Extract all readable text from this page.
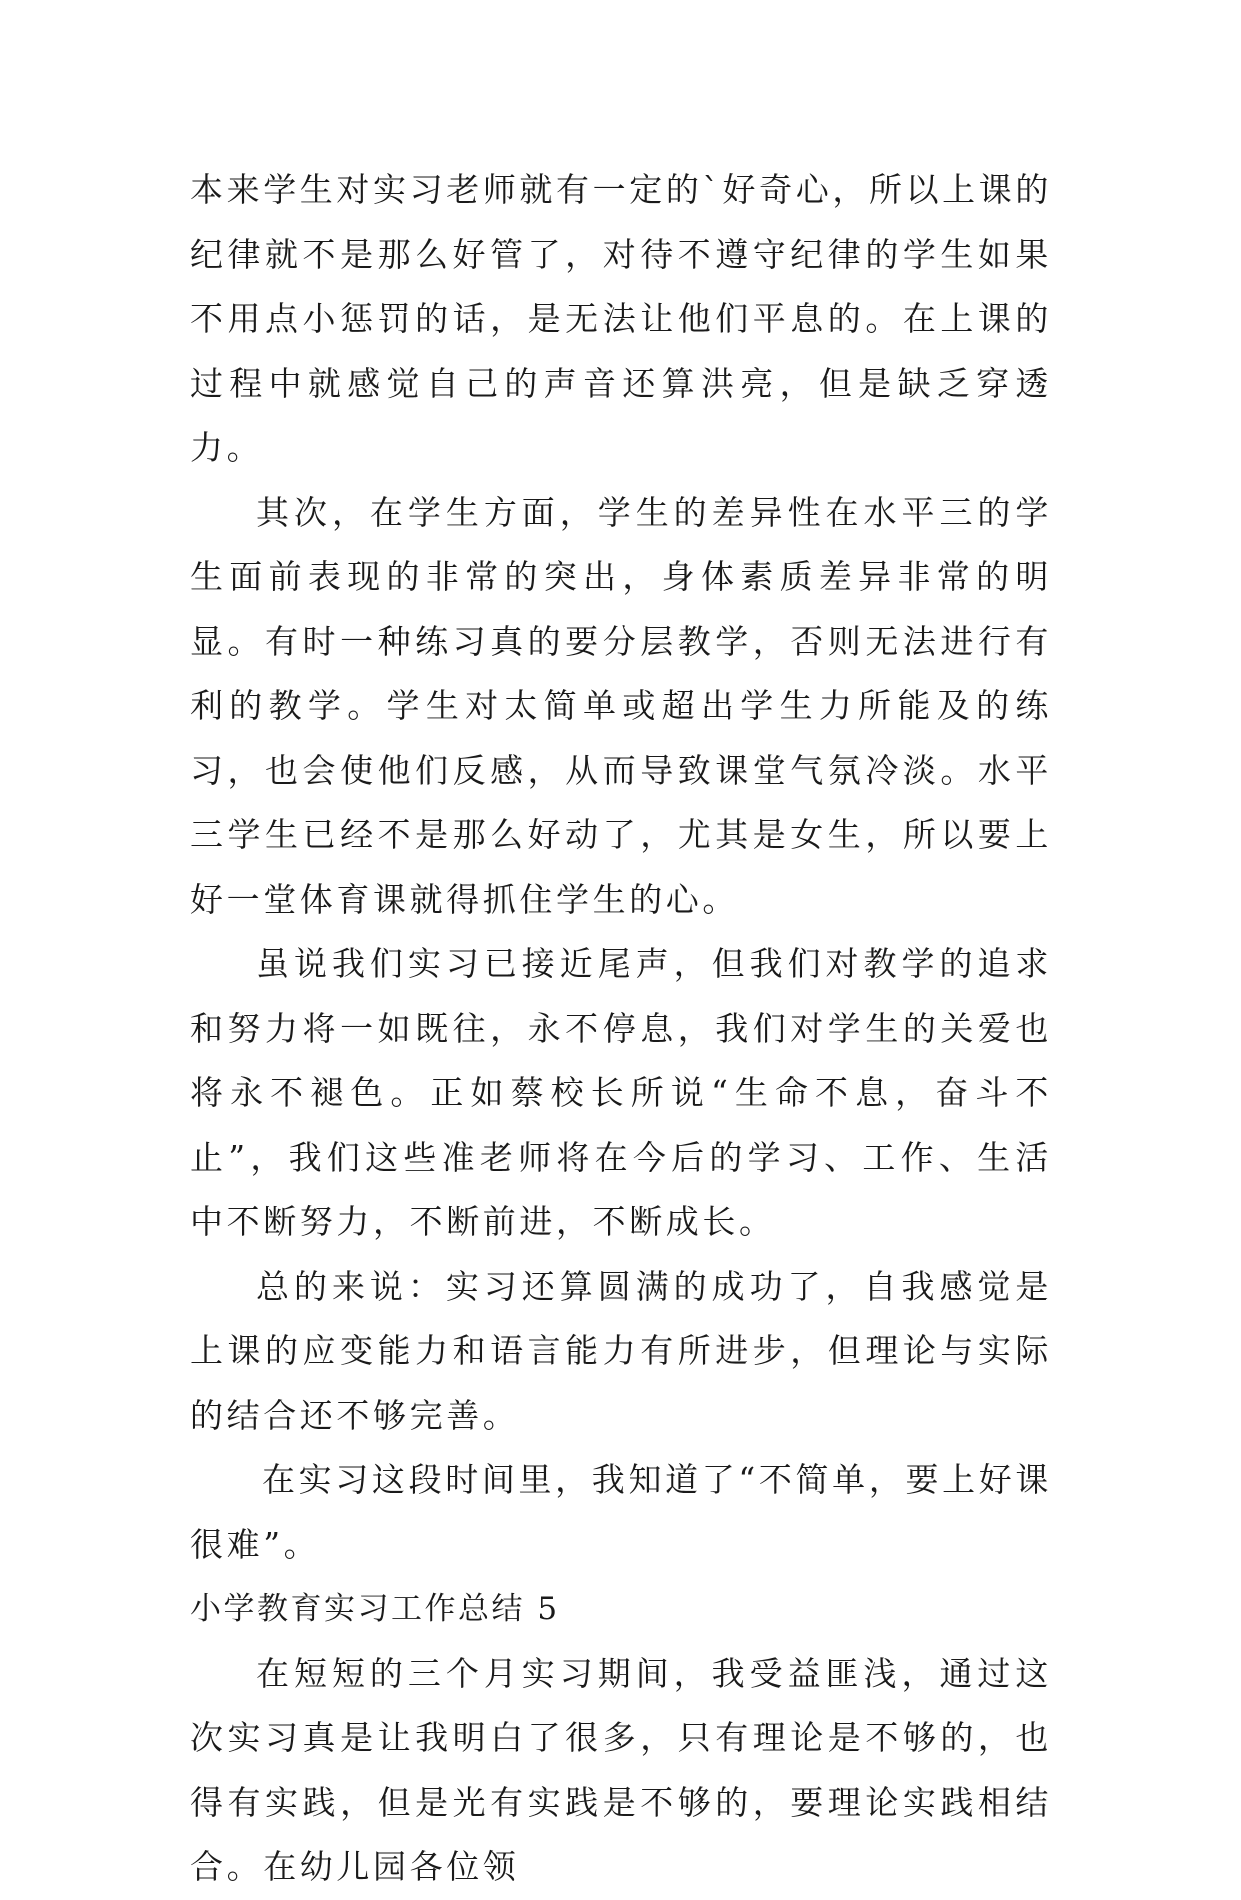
本来学生对实习老师就有一定的`好奇心，所以上课的纪律就不是那么好管了，对待不遵守纪律的学生如果不用点小惩罚的话，是无法让他们平息的。在上课的过程中就感觉自己的声音还算洪亮，但是缺乏穿透力。

其次，在学生方面，学生的差异性在水平三的学生面前表现的非常的突出，身体素质差异非常的明显。有时一种练习真的要分层教学，否则无法进行有利的教学。学生对太简单或超出学生力所能及的练习，也会使他们反感，从而导致课堂气氛冷淡。水平三学生已经不是那么好动了，尤其是女生，所以要上好一堂体育课就得抓住学生的心。

虽说我们实习已接近尾声，但我们对教学的追求和努力将一如既往，永不停息，我们对学生的关爱也将永不褪色。正如蔡校长所说“生命不息，奋斗不止”，我们这些准老师将在今后的学习、工作、生活中不断努力，不断前进，不断成长。

总的来说：实习还算圆满的成功了，自我感觉是上课的应变能力和语言能力有所进步，但理论与实际的结合还不够完善。

在实习这段时间里，我知道了“不简单，要上好课很难”。

小学教育实习工作总结 5

在短短的三个月实习期间，我受益匪浅，通过这次实习真是让我明白了很多，只有理论是不够的，也得有实践，但是光有实践是不够的，要理论实践相结合。在幼儿园各位领
